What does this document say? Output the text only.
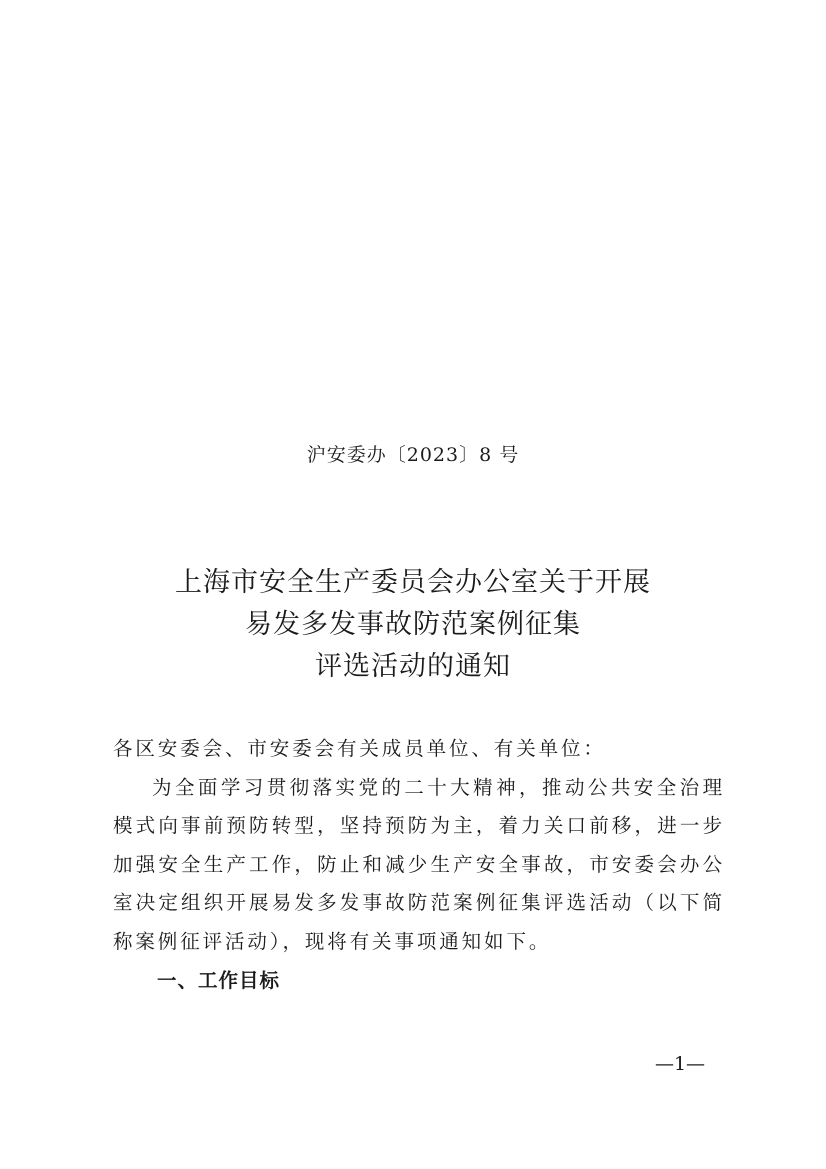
沪安委办〔2023〕8 号
上海市安全生产委员会办公室关于开展
易发多发事故防范案例征集
评选活动的通知

各区安委会、市安委会有关成员单位、有关单位：

为全面学习贯彻落实党的二十大精神，推动公共安全治理模式向事前预防转型，坚持预防为主，着力关口前移，进一步加强安全生产工作，防止和减少生产安全事故，市安委会办公室决定组织开展易发多发事故防范案例征集评选活动（以下简称案例征评活动），现将有关事项通知如下。

一、工作目标

—1—
